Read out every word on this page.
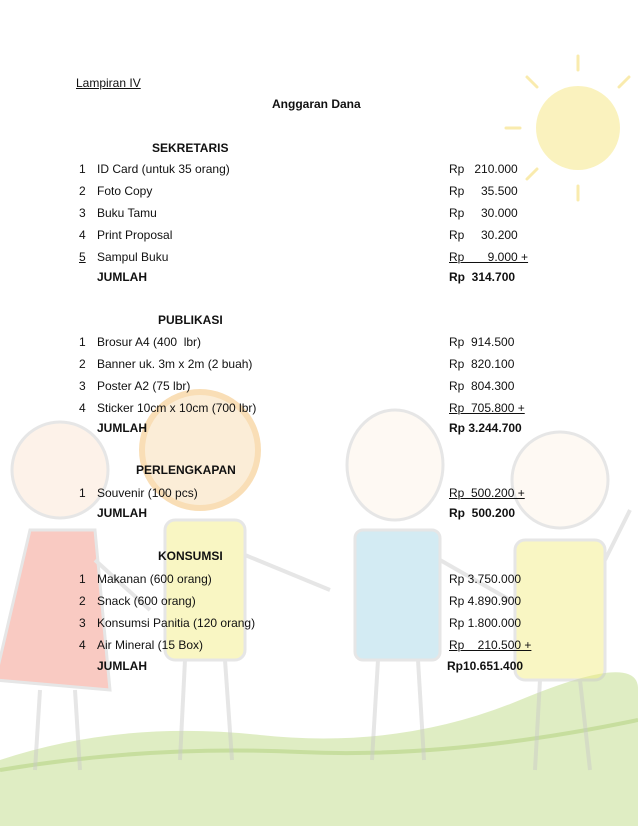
Lampiran IV
Anggaran Dana
SEKRETARIS
1 ID Card (untuk 35 orang)	Rp   210.000
2 Foto Copy	Rp     35.500
3 Buku Tamu	Rp     30.000
4 Print Proposal	Rp     30.200
5 Sampul Buku	Rp       9.000 +
JUMLAH	Rp  314.700
PUBLIKASI
1 Brosur A4 (400  lbr)	Rp  914.500
2 Banner uk. 3m x 2m (2 buah)	Rp  820.100
3 Poster A2 (75 lbr)	Rp  804.300
4 Sticker 10cm x 10cm (700 lbr)	Rp  705.800 +
JUMLAH	Rp 3.244.700
PERLENGKAPAN
1 Souvenir (100 pcs)	Rp  500.200 +
JUMLAH	Rp  500.200
KONSUMSI
1 Makanan (600 orang)	Rp 3.750.000
2 Snack (600 orang)	Rp 4.890.900
3 Konsumsi Panitia (120 orang)	Rp 1.800.000
4 Air Mineral (15 Box)	Rp    210.500 +
JUMLAH	Rp10.651.400
